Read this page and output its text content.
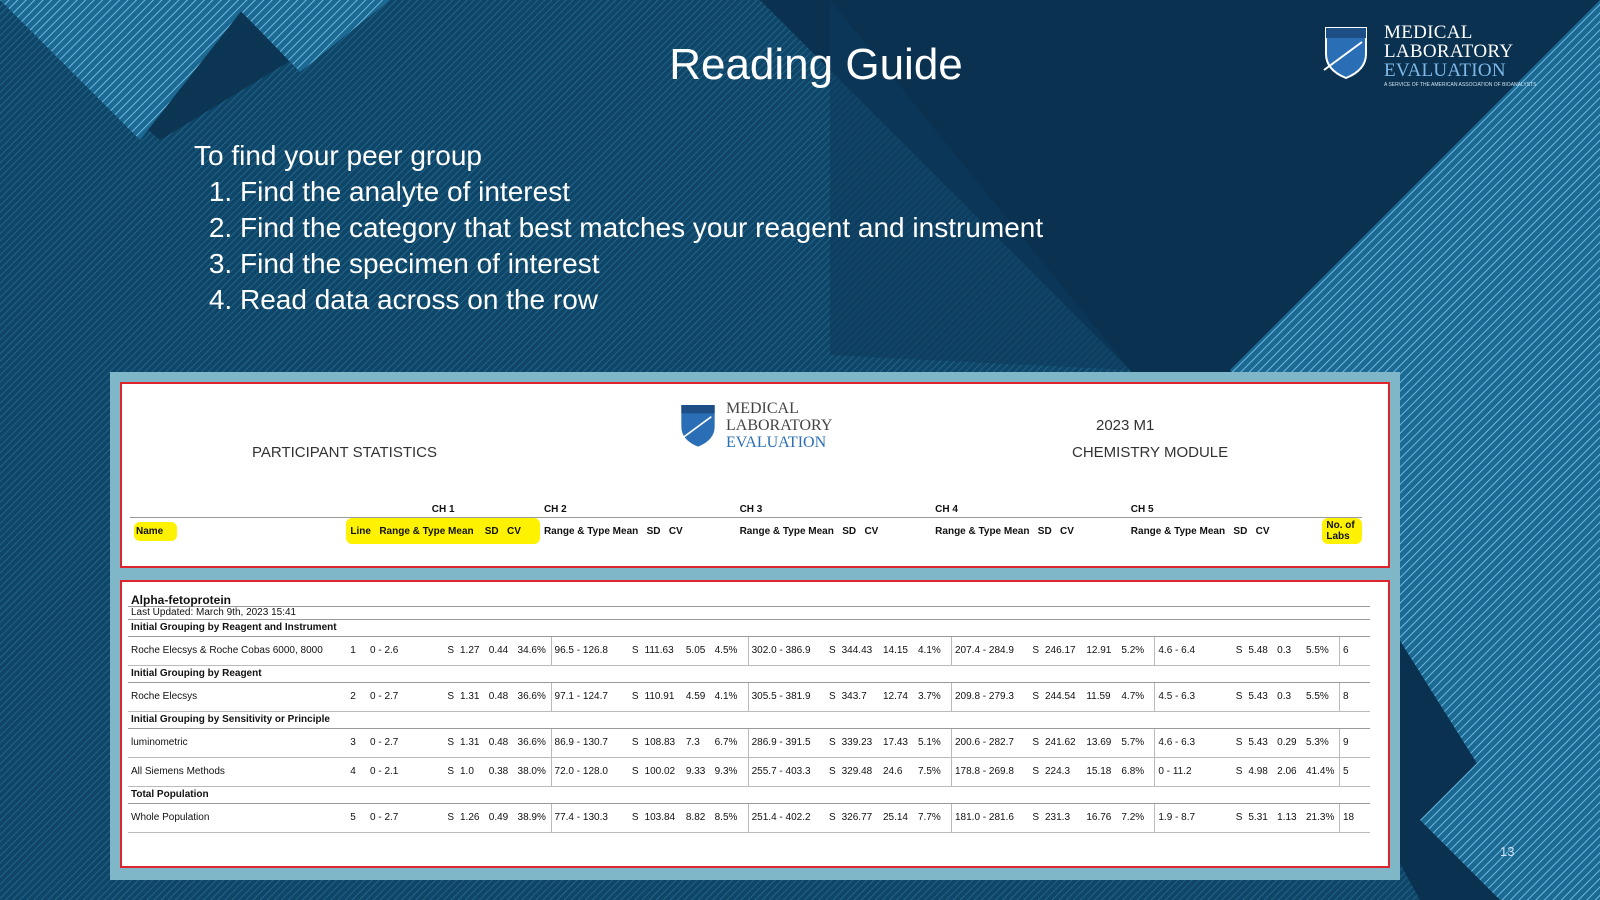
Reading Guide
MEDICAL
LABORATORY
EVALUATION
A SERVICE OF THE AMERICAN ASSOCIATION OF BIOANALYSTS
To find your peer group
1. Find the analyte of interest
2. Find the category that best matches your reagent and instrument
3. Find the specimen of interest
4. Read data across on the row
PARTICIPANT STATISTICS
MEDICAL
LABORATORY
EVALUATION
2023 M1
CHEMISTRY MODULE
	CH 1	CH 2	CH 3	CH 4	CH 5	
Name	Line Range & Type Mean SD CV	Range & Type Mean SD CV	Range & Type Mean SD CV	Range & Type Mean SD CV	Range & Type Mean SD CV	No. of Labs
Alpha-fetoprotein																											
Last Updated: March 9th, 2023 15:41																											
Initial Grouping by Reagent and Instrument																											
Roche Elecsys & Roche Cobas 6000, 8000	1	0 - 2.6	S	1.27	0.44	34.6%	96.5 - 126.8	S	111.63	5.05	4.5%	302.0 - 386.9	S	344.43	14.15	4.1%	207.4 - 284.9	S	246.17	12.91	5.2%	4.6 - 6.4	S	5.48	0.3	5.5%	6
Initial Grouping by Reagent																											
Roche Elecsys	2	0 - 2.7	S	1.31	0.48	36.6%	97.1 - 124.7	S	110.91	4.59	4.1%	305.5 - 381.9	S	343.7	12.74	3.7%	209.8 - 279.3	S	244.54	11.59	4.7%	4.5 - 6.3	S	5.43	0.3	5.5%	8
Initial Grouping by Sensitivity or Principle																											
luminometric	3	0 - 2.7	S	1.31	0.48	36.6%	86.9 - 130.7	S	108.83	7.3	6.7%	286.9 - 391.5	S	339.23	17.43	5.1%	200.6 - 282.7	S	241.62	13.69	5.7%	4.6 - 6.3	S	5.43	0.29	5.3%	9
All Siemens Methods	4	0 - 2.1	S	1.0	0.38	38.0%	72.0 - 128.0	S	100.02	9.33	9.3%	255.7 - 403.3	S	329.48	24.6	7.5%	178.8 - 269.8	S	224.3	15.18	6.8%	0 - 11.2	S	4.98	2.06	41.4%	5
Total Population																											
Whole Population	5	0 - 2.7	S	1.26	0.49	38.9%	77.4 - 130.3	S	103.84	8.82	8.5%	251.4 - 402.2	S	326.77	25.14	7.7%	181.0 - 281.6	S	231.3	16.76	7.2%	1.9 - 8.7	S	5.31	1.13	21.3%	18
13
